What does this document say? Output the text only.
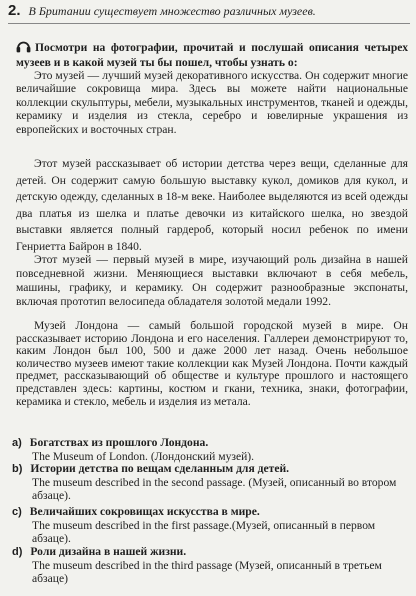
2. В Британии существует множество различных музеев.
Посмотри на фотографии, прочитай и послушай описания четырех музеев и в какой музей ты бы пошел, чтобы узнать о:
Это музей — лучший музей декоративного искусства. Он содержит многие величайшие сокровища мира. Здесь вы можете найти национальные коллекции скульптуры, мебели, музыкальных инструментов, тканей и одежды, керамику и изделия из стекла, серебро и ювелирные украшения из европейских и восточных стран.
Этот музей рассказывает об истории детства через вещи, сделанные для детей. Он содержит самую большую выставку кукол, домиков для кукол, и детскую одежду, сделанных в 18-м веке. Наиболее выделяются из всей одежды два платья из шелка и платье девочки из китайского шелка, но звездой выставки является полный гардероб, который носил ребенок по имени Генриетта Байрон в 1840.
Этот музей — первый музей в мире, изучающий роль дизайна в нашей повседневной жизни. Меняющиеся выставки включают в себя мебель, машины, графику, и керамику. Он содержит разнообразные экспонаты, включая прототип велосипеда обладателя золотой медали 1992.
Музей Лондона — самый большой городской музей в мире. Он рассказывает историю Лондона и его населения. Галлереи демонстрируют то, каким Лондон был 100, 500 и даже 2000 лет назад. Очень небольшое количество музеев имеют такие коллекции как Музей Лондона. Почти каждый предмет, рассказывающий об обществе и культуре прошлого и настоящего представлен здесь: картины, костюм и гкани, техника, знаки, фотографии, керамика и стекло, мебель и изделия из метала.
a) Богатствах из прошлого Лондона.
The Museum of London. (Лондонский музей).
b) Истории детства по вещам сделанным для детей.
The museum described in the second passage. (Музей, описанный во втором абзаце).
c) Величайших сокровищах искусства в мире.
The museum described in the first passage.(Музей, описанный в первом абзаце).
d) Роли дизайна в нашей жизни.
The museum described in the third passage (Музей, описанный в третьем абзаце)
